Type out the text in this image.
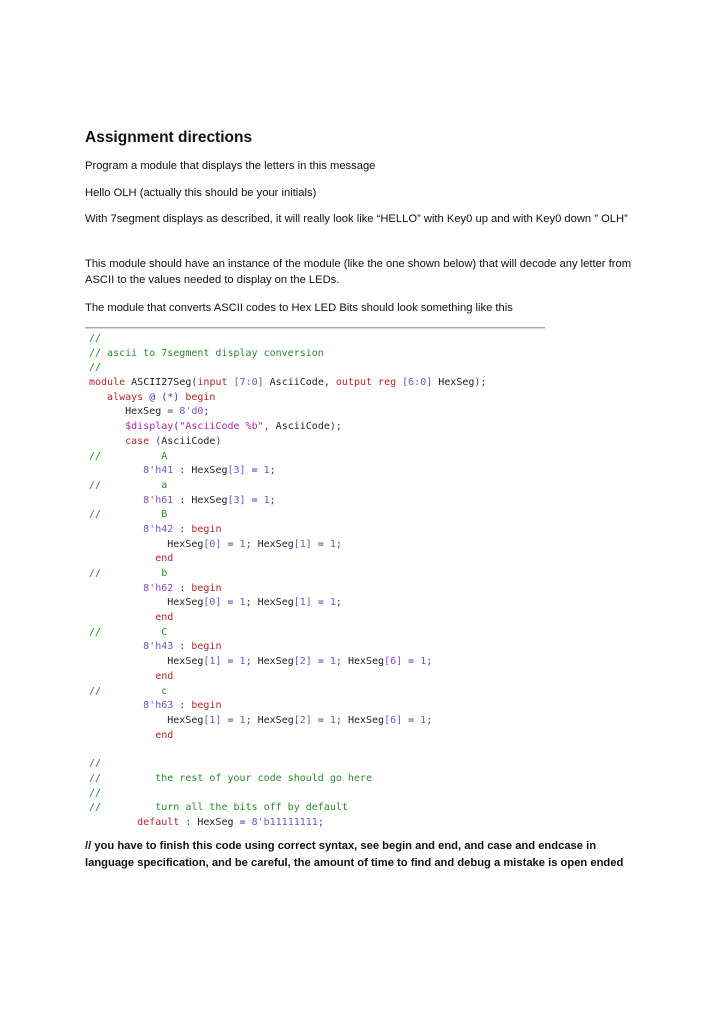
Assignment directions
Program a module that displays the letters in this message
Hello OLH (actually this should be your initials)
With 7segment displays as described, it will really look like “HELLO” with Key0 up and with Key0 down ” OLH”
This module should have an instance of the module (like the one shown below) that will decode any letter from ASCII to the values needed to display on the LEDs.
The module that converts ASCII codes to Hex LED Bits should look something like this
//
// ascii to 7segment display conversion
//
module ASCII27Seg(input [7:0] AsciiCode, output reg [6:0] HexSeg);
always @ (*) begin
HexSeg = 8'd0;
$display("AsciiCode %b", AsciiCode);
case (AsciiCode)
//          A
8'h41 : HexSeg[3] = 1;
//          a
8'h61 : HexSeg[3] = 1;
//          B
8'h42 : begin
HexSeg[0] = 1; HexSeg[1] = 1;
end
//          b
8'h62 : begin
HexSeg[0] = 1; HexSeg[1] = 1;
end
//          C
8'h43 : begin
HexSeg[1] = 1; HexSeg[2] = 1; HexSeg[6] = 1;
end
//          c
8'h63 : begin
HexSeg[1] = 1; HexSeg[2] = 1; HexSeg[6] = 1;
end
//
//         the rest of your code should go here
//
//         turn all the bits off by default
default : HexSeg = 8'b11111111;
// you have to finish this code using correct syntax, see begin and end, and case and endcase in language specification, and be careful, the amount of time to find and debug a mistake is open ended
